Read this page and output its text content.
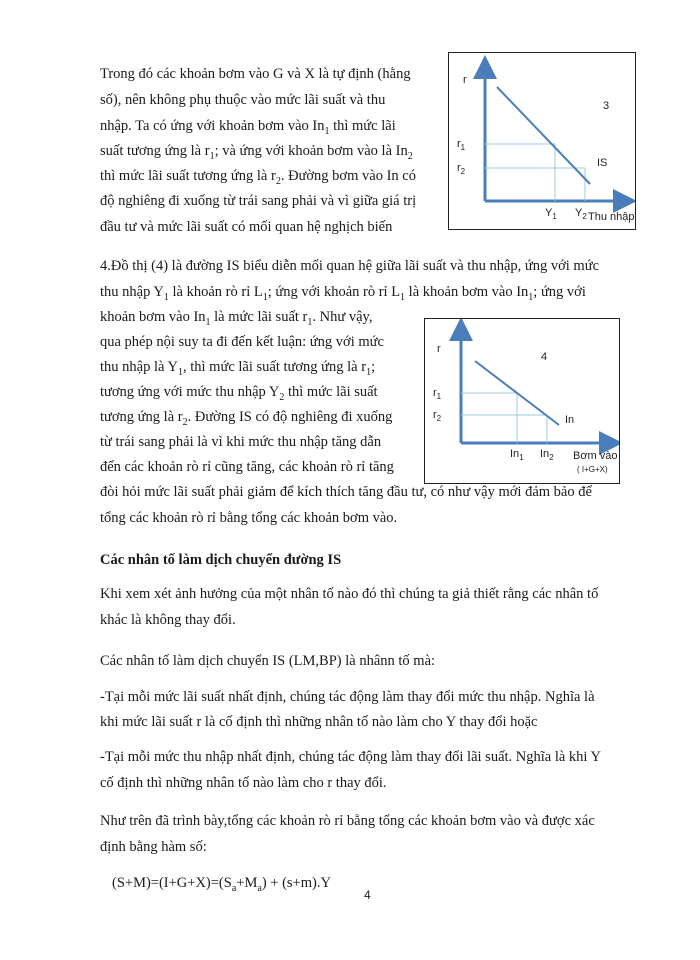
Trong đó các khoản bơm vào G và X là tự định (hằng
số), nên không phụ thuộc vào mức lãi suất và thu
nhập. Ta có ứng với khoản bơm vào $In_1$ thì mức lãi
suất tương ứng là $r_1$; và ứng với khoản bơm vào là $In_2$
thì mức lãi suất tương ứng là $r_2$. Đường bơm vào In có
độ nghiêng đi xuống từ trái sang phải và vì giữa giá trị
đầu tư và mức lãi suất có mối quan hệ nghịch biến
r
3
IS
$r_1$
$r_2$
$Y_1$ $Y_2$ Thu nhập
4.Đồ thị (4) là đường IS biểu diễn mối quan hệ giữa lãi suất và thu nhập, ứng với mức
thu nhập $Y_1$ là khoản rò rỉ $L_1$; ứng với khoản rò rỉ $L_1$ là khoản bơm vào $In_1$; ứng với
khoản bơm vào $In_1$ là mức lãi suất $r_1$. Như vậy,
qua phép nội suy ta đi đến kết luận: ứng với mức
thu nhập là $Y_1$, thì mức lãi suất tương ứng là $r_1$;
tương ứng với mức thu nhập $Y_2$ thì mức lãi suất
tương ứng là $r_2$. Đường IS có độ nghiêng đi xuống
từ trái sang phải là vì khi mức thu nhập tăng dẫn
đến các khoản rò rỉ cũng tăng, các khoản rò rỉ tăng
đòi hỏi mức lãi suất phải giảm để kích thích tăng đầu tư, có như vậy mới đảm bảo để
tổng các khoản rò rỉ bằng tổng các khoản bơm vào.
r
4
In
$r_1$
$r_2$
$In_1$ $In_2$ Bơm vào
( I+G+X)
Các nhân tố làm dịch chuyển đường IS
Khi xem xét ảnh hưởng của một nhân tố nào đó thì chúng ta giả thiết rằng các nhân tố
khác là không thay đổi.
Các nhân tố làm dịch chuyển IS (LM,BP) là nhânn tố mà:
-Tại mỗi mức lãi suất nhất định, chúng tác động làm thay đổi mức thu nhập. Nghĩa là
khi mức lãi suất r là cố định thì những nhân tố nào làm cho Y thay đổi hoặc
-Tại mỗi mức thu nhập nhất định, chúng tác động làm thay đổi lãi suất. Nghĩa là khi Y
cố định thì những nhân tố nào làm cho r thay đổi.
Như trên đã trình bày,tổng các khoản rò rỉ bằng tổng các khoản bơm vào và được xác
định bằng hàm số:
$(S+M)=(I+G+X)=(S_a+M_a) + (s+m).Y$
4
